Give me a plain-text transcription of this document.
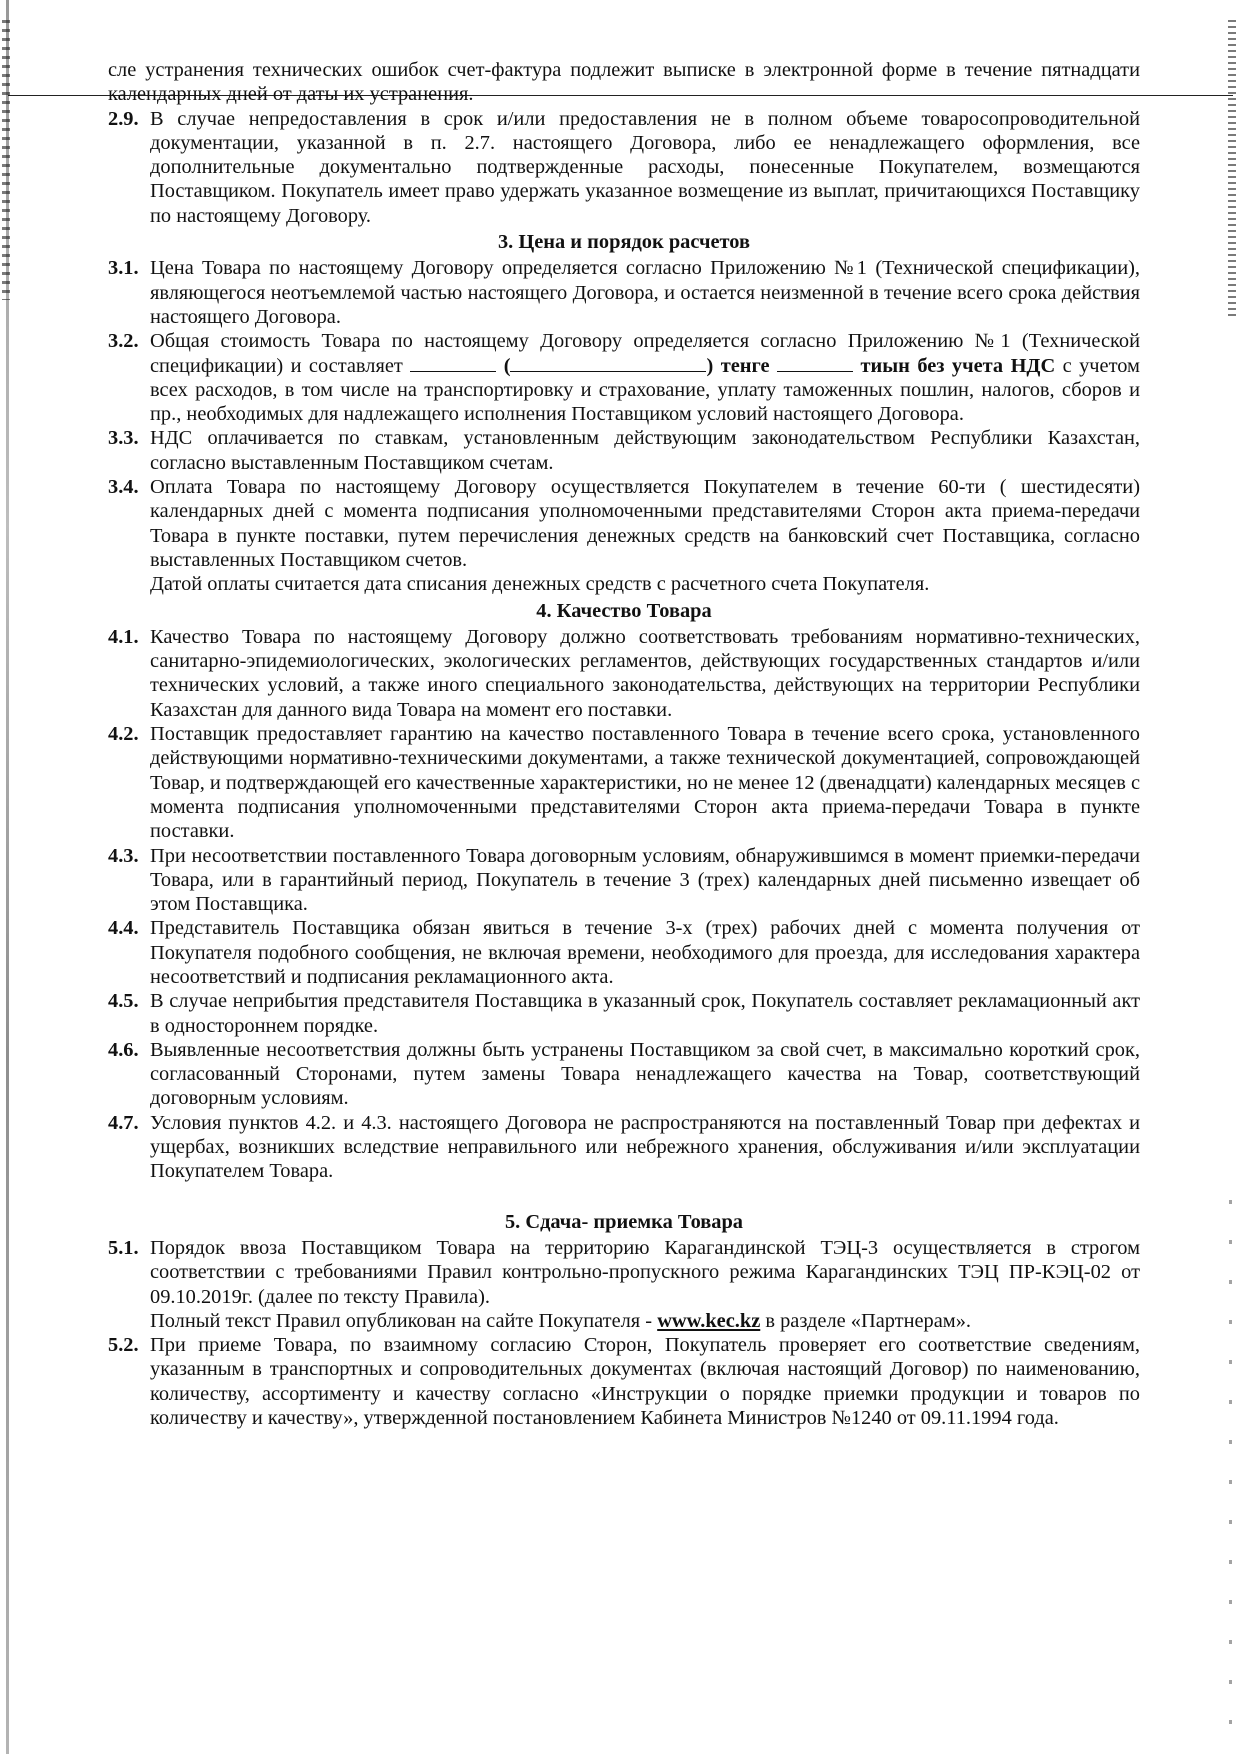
сле устранения технических ошибок счет-фактура подлежит выписке в электронной форме в течение пятнадцати календарных дней от даты их устранения.
2.9. В случае непредоставления в срок и/или предоставления не в полном объеме товаросопроводительной документации, указанной в п. 2.7. настоящего Договора, либо ее ненадлежащего оформления, все дополнительные документально подтвержденные расходы, понесенные Покупателем, возмещаются Поставщиком. Покупатель имеет право удержать указанное возмещение из выплат, причитающихся Поставщику по настоящему Договору.
3. Цена и порядок расчетов
3.1. Цена Товара по настоящему Договору определяется согласно Приложению №1 (Технической спецификации), являющегося неотъемлемой частью настоящего Договора, и остается неизменной в течение всего срока действия настоящего Договора.
3.2. Общая стоимость Товара по настоящему Договору определяется согласно Приложению №1 (Технической спецификации) и составляет	(	) тенге	тиын без учета НДС с учетом всех расходов, в том числе на транспортировку и страхование, уплату таможенных пошлин, налогов, сборов и пр., необходимых для надлежащего исполнения Поставщиком условий настоящего Договора.
3.3. НДС оплачивается по ставкам, установленным действующим законодательством Республики Казахстан, согласно выставленным Поставщиком счетам.
3.4. Оплата Товара по настоящему Договору осуществляется Покупателем в течение 60-ти ( шестидесяти) календарных дней с момента подписания уполномоченными представителями Сторон акта приема-передачи Товара в пункте поставки, путем перечисления денежных средств на банковский счет Поставщика, согласно выставленных Поставщиком счетов.
Датой оплаты считается дата списания денежных средств с расчетного счета Покупателя.
4. Качество Товара
4.1. Качество Товара по настоящему Договору должно соответствовать требованиям нормативно-технических, санитарно-эпидемиологических, экологических регламентов, действующих государственных стандартов и/или технических условий, а также иного специального законодательства, действующих на территории Республики Казахстан для данного вида Товара на момент его поставки.
4.2. Поставщик предоставляет гарантию на качество поставленного Товара в течение всего срока, установленного действующими нормативно-техническими документами, а также технической документацией, сопровождающей Товар, и подтверждающей его качественные характеристики, но не менее 12 (двенадцати) календарных месяцев с момента подписания уполномоченными представителями Сторон акта приема-передачи Товара в пункте поставки.
4.3. При несоответствии поставленного Товара договорным условиям, обнаружившимся в момент приемки-передачи Товара, или в гарантийный период, Покупатель в течение 3 (трех) календарных дней письменно извещает об этом Поставщика.
4.4. Представитель Поставщика обязан явиться в течение 3-х (трех) рабочих дней с момента получения от Покупателя подобного сообщения, не включая времени, необходимого для проезда, для исследования характера несоответствий и подписания рекламационного акта.
4.5. В случае неприбытия представителя Поставщика в указанный срок, Покупатель составляет рекламационный акт в одностороннем порядке.
4.6. Выявленные несоответствия должны быть устранены Поставщиком за свой счет, в максимально короткий срок, согласованный Сторонами, путем замены Товара ненадлежащего качества на Товар, соответствующий договорным условиям.
4.7. Условия пунктов 4.2. и 4.3. настоящего Договора не распространяются на поставленный Товар при дефектах и ущербах, возникших вследствие неправильного или небрежного хранения, обслуживания и/или эксплуатации Покупателем Товара.
5. Сдача- приемка Товара
5.1. Порядок ввоза Поставщиком Товара на территорию Карагандинской ТЭЦ-3 осуществляется в строгом соответствии с требованиями Правил контрольно-пропускного режима Карагандинских ТЭЦ ПР-КЭЦ-02 от 09.10.2019г. (далее по тексту Правила).
Полный текст Правил опубликован на сайте Покупателя - www.kec.kz в разделе «Партнерам».
5.2. При приеме Товара, по взаимному согласию Сторон, Покупатель проверяет его соответствие сведениям, указанным в транспортных и сопроводительных документах (включая настоящий Договор) по наименованию, количеству, ассортименту и качеству согласно «Инструкции о порядке приемки продукции и товаров по количеству и качеству», утвержденной постановлением Кабинета Министров №1240 от 09.11.1994 года.
